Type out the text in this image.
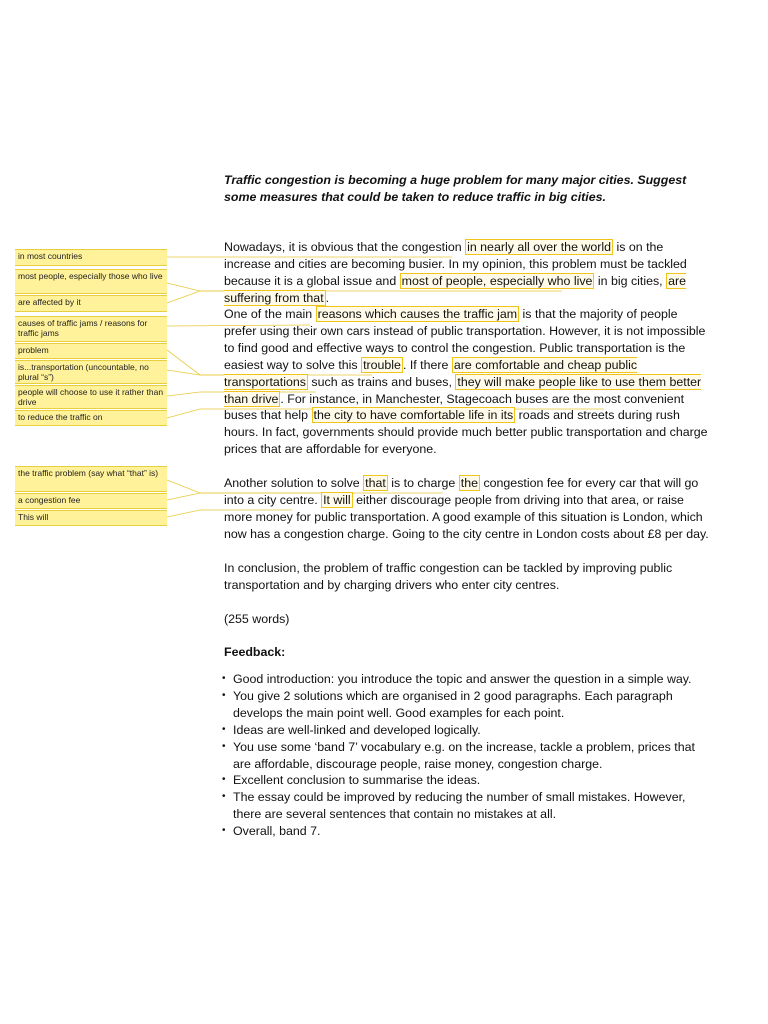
Traffic congestion is becoming a huge problem for many major cities. Suggest some measures that could be taken to reduce traffic in big cities.

Nowadays, it is obvious that the congestion in nearly all over the world is on the increase and cities are becoming busier. In my opinion, this problem must be tackled because it is a global issue and most of people, especially who live in big cities, are suffering from that .

One of the main reasons which causes the traffic jam is that the majority of people prefer using their own cars instead of public transportation. However, it is not impossible to find good and effective ways to control the congestion. Public transportation is the easiest way to solve this trouble . If there are comfortable and cheap public transportations such as trains and buses, they will make people like to use them better than drive . For instance, in Manchester, Stagecoach buses are the most convenient buses that help the city to have comfortable life in its roads and streets during rush hours. In fact, governments should provide much better public transportation and charge prices that are affordable for everyone.

Another solution to solve that is to charge the congestion fee for every car that will go into a city centre. It will either discourage people from driving into that area, or raise more money for public transportation. A good example of this situation is London, which now has a congestion charge. Going to the city centre in London costs about £8 per day.

In conclusion, the problem of traffic congestion can be tackled by improving public transportation and by charging drivers who enter city centres.

(255 words)

Feedback:
• Good introduction: you introduce the topic and answer the question in a simple way.
• You give 2 solutions which are organised in 2 good paragraphs. Each paragraph develops the main point well. Good examples for each point.
• Ideas are well-linked and developed logically.
• You use some ‘band 7’ vocabulary e.g. on the increase, tackle a problem, prices that are affordable, discourage people, raise money, congestion charge.
• Excellent conclusion to summarise the ideas.
• The essay could be improved by reducing the number of small mistakes. However, there are several sentences that contain no mistakes at all.
• Overall, band 7.
in most countries
most people, especially those who live
are affected by it
causes of traffic jams / reasons for traffic jams
problem
is...transportation (uncountable, no plural “s”)
people will choose to use it rather than drive
to reduce the traffic on
the traffic problem (say what “that” is)
a congestion fee
This will
